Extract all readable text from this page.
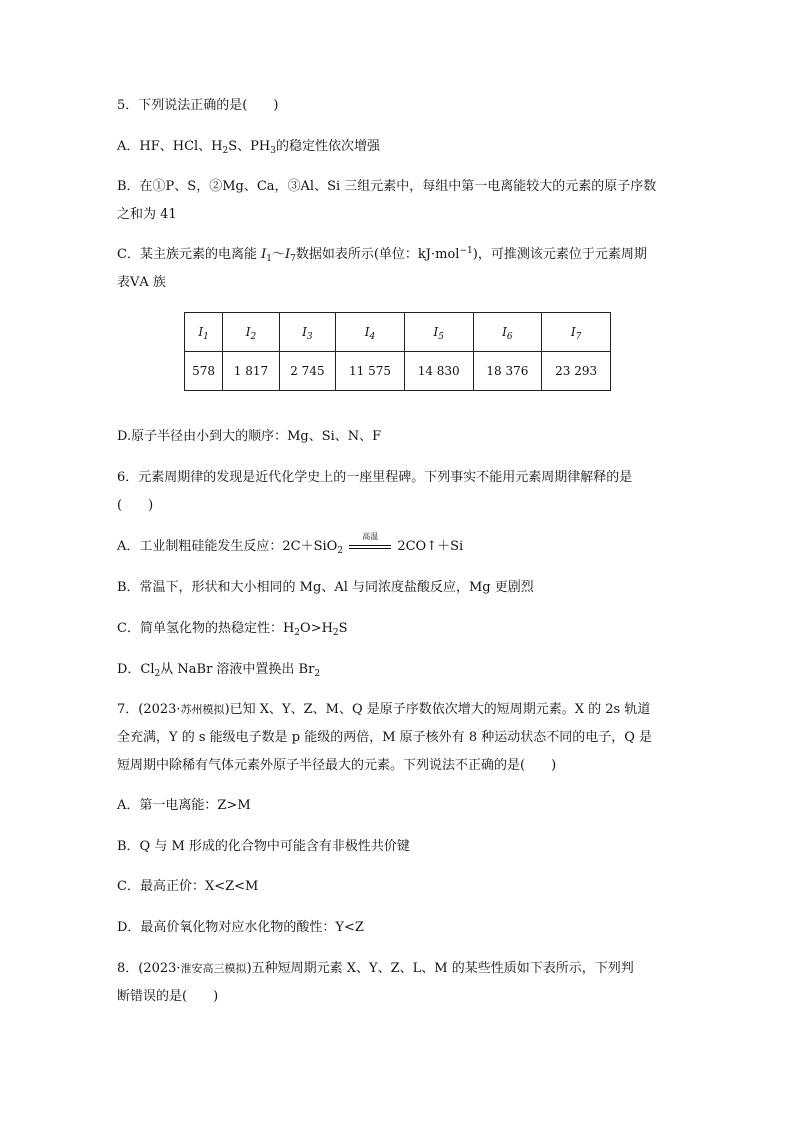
5．下列说法正确的是(　　)
A．HF、HCl、$H_2S$、$PH_3$的稳定性依次增强
B．在①P、S，②Mg、Ca，③Al、Si 三组元素中，每组中第一电离能较大的元素的原子序数
之和为 41
C．某主族元素的电离能 $I_1\sim I_7$数据如表所示(单位：kJ·mol$^{-1}$)，可推测该元素位于元素周期
表ⅤA 族
$I_1$	$I_2$	$I_3$	$I_4$	$I_5$	$I_6$	$I_7$
578	1 817	2 745	11 575	14 830	18 376	23 293
D.原子半径由小到大的顺序：Mg、Si、N、F
6．元素周期律的发现是近代化学史上的一座里程碑。下列事实不能用元素周期律解释的是
(　　)
A．工业制粗硅能发生反应：2C＋SiO$_2$
高温
2CO↑＋Si
B．常温下，形状和大小相同的 Mg、Al 与同浓度盐酸反应，Mg 更剧烈
C．简单氢化物的热稳定性：$H_2O>H_2S$
D．$Cl_2$从 NaBr 溶液中置换出 $Br_2$
7．(2023·苏州模拟)已知 X、Y、Z、M、Q 是原子序数依次增大的短周期元素。X 的 2s 轨道
全充满，Y 的 s 能级电子数是 p 能级的两倍，M 原子核外有 8 种运动状态不同的电子，Q 是
短周期中除稀有气体元素外原子半径最大的元素。下列说法不正确的是(　　)
A．第一电离能：Z>M
B．Q 与 M 形成的化合物中可能含有非极性共价键
C．最高正价：X<Z<M
D．最高价氧化物对应水化物的酸性：Y<Z
8．(2023·淮安高三模拟)五种短周期元素 X、Y、Z、L、M 的某些性质如下表所示，下列判
断错误的是(　　)
